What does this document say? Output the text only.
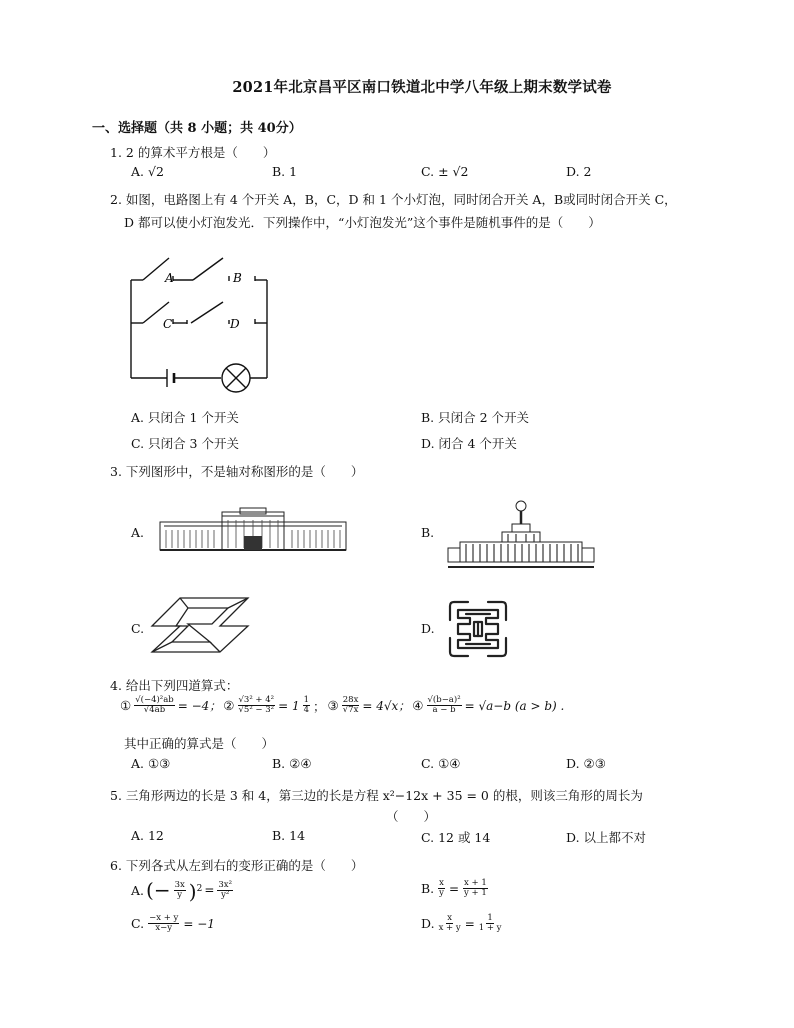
2021年北京昌平区南口铁道北中学八年级上期末数学试卷
一、选择题（共 8 小题；共 40分）
1. 2 的算术平方根是（　　）
A. √2	B. 1	C. ± √2	D. 2
2. 如图，电路图上有 4 个开关 A，B，C，D 和 1 个小灯泡，同时闭合开关 A，B或同时闭合开关 C，
D 都可以使小灯泡发光．下列操作中，“小灯泡发光”这个事件是随机事件的是（　　）
A	B
C	D
A. 只闭合 1 个开关	B. 只闭合 2 个开关
C. 只闭合 3 个开关	D. 闭合 4 个开关
3. 下列图形中，不是轴对称图形的是（　　）
A.	B.
C.	D.
4. 给出下列四道算式：
① $\frac{\text{√(−4)²ab}}{√4ab} = -4$； ② $\frac{\text{√3² + 4²}}{\text{√5² − 3²}} = 1 \frac{1}{4}$ ； ③ $\frac{28x}{√7x} = 4√x$； ④ $\frac{\text{√(b−a)²}}{a - b} = √a-b$ (a > b) .
其中正确的算式是（　　）
A. ①③	B. ②④	C. ①④	D. ②③
5. 三角形两边的长是 3 和 4，第三边的长是方程 x²−12x + 35 = 0 的根，则该三角形的周长为
（　　）
A. 12	B. 14	C. 12 或 14	D. 以上都不对
6. 下列各式从左到右的变形正确的是（　　）
A. (− $\frac{3x}{y} )^2 = \frac{\text{3x²}}{\text{y²}}$	B. $\frac{x}{y} = \frac{x + 1}{y + 1}$
C. $\frac{-x + y}{x-y} = -1$	D. $\frac{x}{x + y} = \frac{1}{1 + y}$
